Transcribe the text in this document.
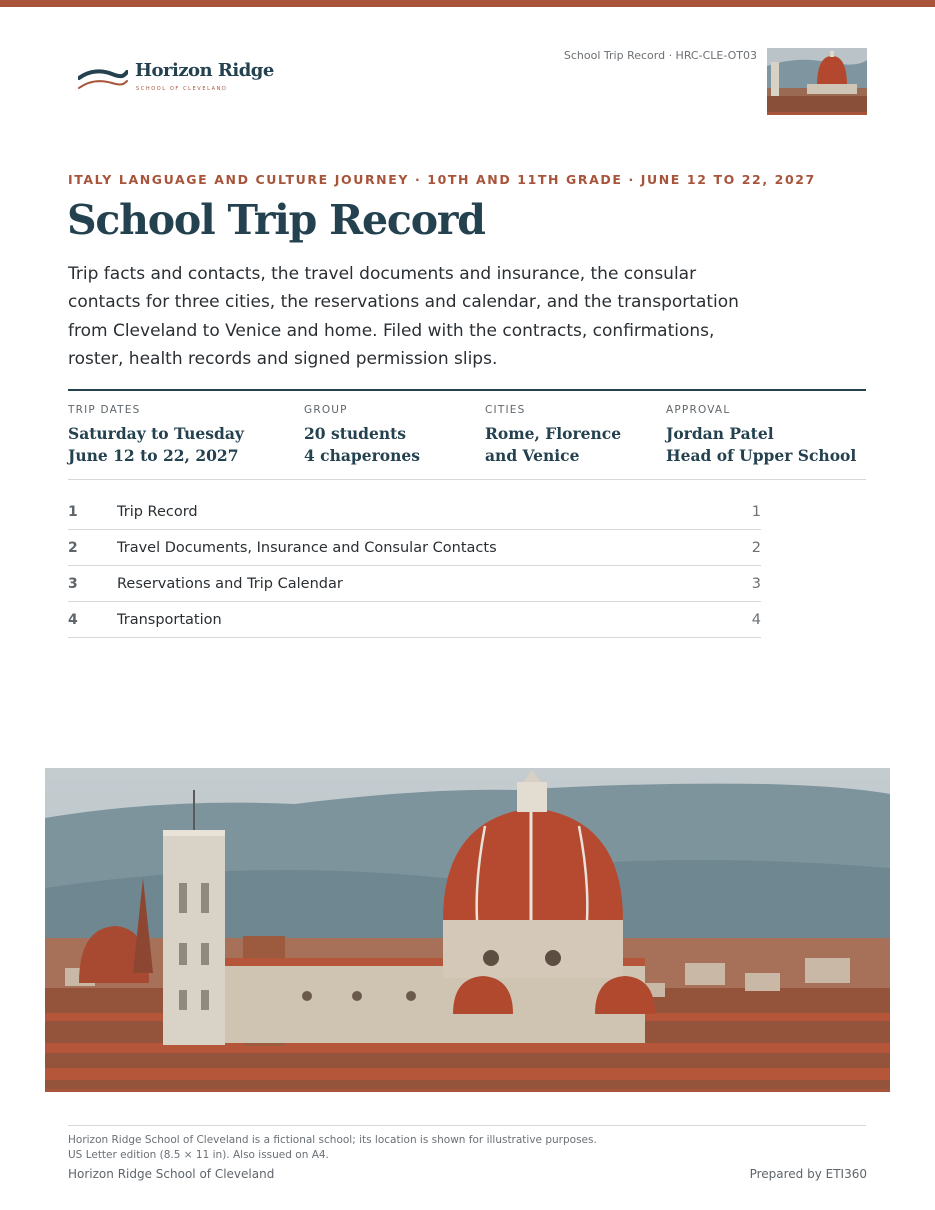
Horizon Ridge
SCHOOL OF CLEVELAND
School Trip Record · HRC-CLE-OT03
ITALY LANGUAGE AND CULTURE JOURNEY · 10TH AND 11TH GRADE · JUNE 12 TO 22, 2027
School Trip Record
Trip facts and contacts, the travel documents and insurance, the consular contacts for three cities, the reservations and calendar, and the transportation from Cleveland to Venice and home. Filed with the contracts, confirmations, roster, health records and signed permission slips.
TRIP DATES
Saturday to Tuesday
June 12 to 22, 2027
GROUP
20 students
4 chaperones
CITIES
Rome, Florence
and Venice
APPROVAL
Jordan Patel
Head of Upper School
1	Trip Record	1
2	Travel Documents, Insurance and Consular Contacts	2
3	Reservations and Trip Calendar	3
4	Transportation	4
Horizon Ridge School of Cleveland is a fictional school; its location is shown for illustrative purposes.
US Letter edition (8.5 × 11 in). Also issued on A4.
Horizon Ridge School of Cleveland	Prepared by ETI360
